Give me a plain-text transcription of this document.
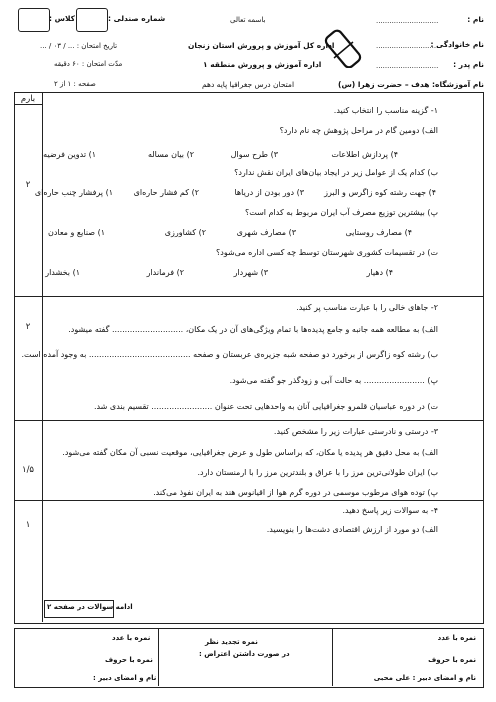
کلاس :	شماره صندلی :
تاریخ امتحان : ... / ۰۳ / ...
مدّت امتحان : ۶۰ دقیقه
صفحه : ۱ از ۲
باسمه تعالی
اداره کل آموزش و پرورش استان زنجان
اداره آموزش و پرورش منطقه ۱
امتحان درس جغرافیا پایه دهم
نام :
............................
نام خانوادگی :
............................
نام پدر :
............................
نام آموزشگاه: هدف – حضرت زهرا (س)
بارم
۱- گزینه مناسب را انتخاب کنید.
الف) دومین گام در مراحل پژوهش چه نام دارد؟
۱) تدوین فرضیه	۲) بیان مساله	۳) طرح سوال	۴) پردازش اطلاعات
ب) کدام یک از عوامل زیر در ایجاد بیان‌های ایران نقش ندارد؟
۱) پرفشار چنب حاره‌ای	۲) کم فشار حاره‌ای	۳) دور بودن از دریاها	۴) جهت رشته کوه زاگرس و البرز
پ) بیشترین توزیع مصرف آب ایران مربوط به کدام است؟
۱) صنایع و معادن	۲) کشاورزی	۳) مصارف شهری	۴) مصارف روستایی
ت) در تقسیمات کشوری شهرستان توسط چه کسی اداره می‌شود؟
۱) بخشدار	۲) فرماندار	۳) شهردار	۴) دهیار
۲
۲- جاهای خالی را با عبارت مناسب پر کنید.
الف) به مطالعه همه جانبه و جامع پدیده‌ها با تمام ویژگی‌های آن در یک مکان، ............................ گفته میشود.
ب) رشته کوه زاگرس از برخورد دو صفحه شبه جزیره‌ی عربستان و صفحه ........................................ به وجود آمده است.
پ) ........................ به حالت آبی و زودگذر جو گفته می‌شود.
ت) در دوره عباسیان قلمرو جغرافیایی آنان به واحدهایی تحت عنوان ........................ تقسیم بندی شد.
۲
۳- درستی و نادرستی عبارات زیر را مشخص کنید.
الف) به محل دقیق هر پدیده یا مکان، که براساس طول و عرض جغرافیایی، موقعیت نسبی آن مکان گفته می‌شود.
ب) ایران طولانی‌ترین مرز را با عراق و بلندترین مرز را با ارمنستان دارد.
پ) توده هوای مرطوب موسمی در دوره گرم هوا از اقیانوس هند به ایران نفوذ می‌کند.
۱/۵
۴- به سوالات زیر پاسخ دهید.
الف) دو مورد از ارزش اقتصادی دشت‌ها را بنویسید.
۱
ادامه سوالات در صفحه ۲
نمره با عدد
نمره با حروف
نام و امضای دبیر : علی محبی
نمره تجدید نظر
در صورت داشتن اعتراض :
نمره با عدد
نمره با حروف
نام و امضای دبیر :
